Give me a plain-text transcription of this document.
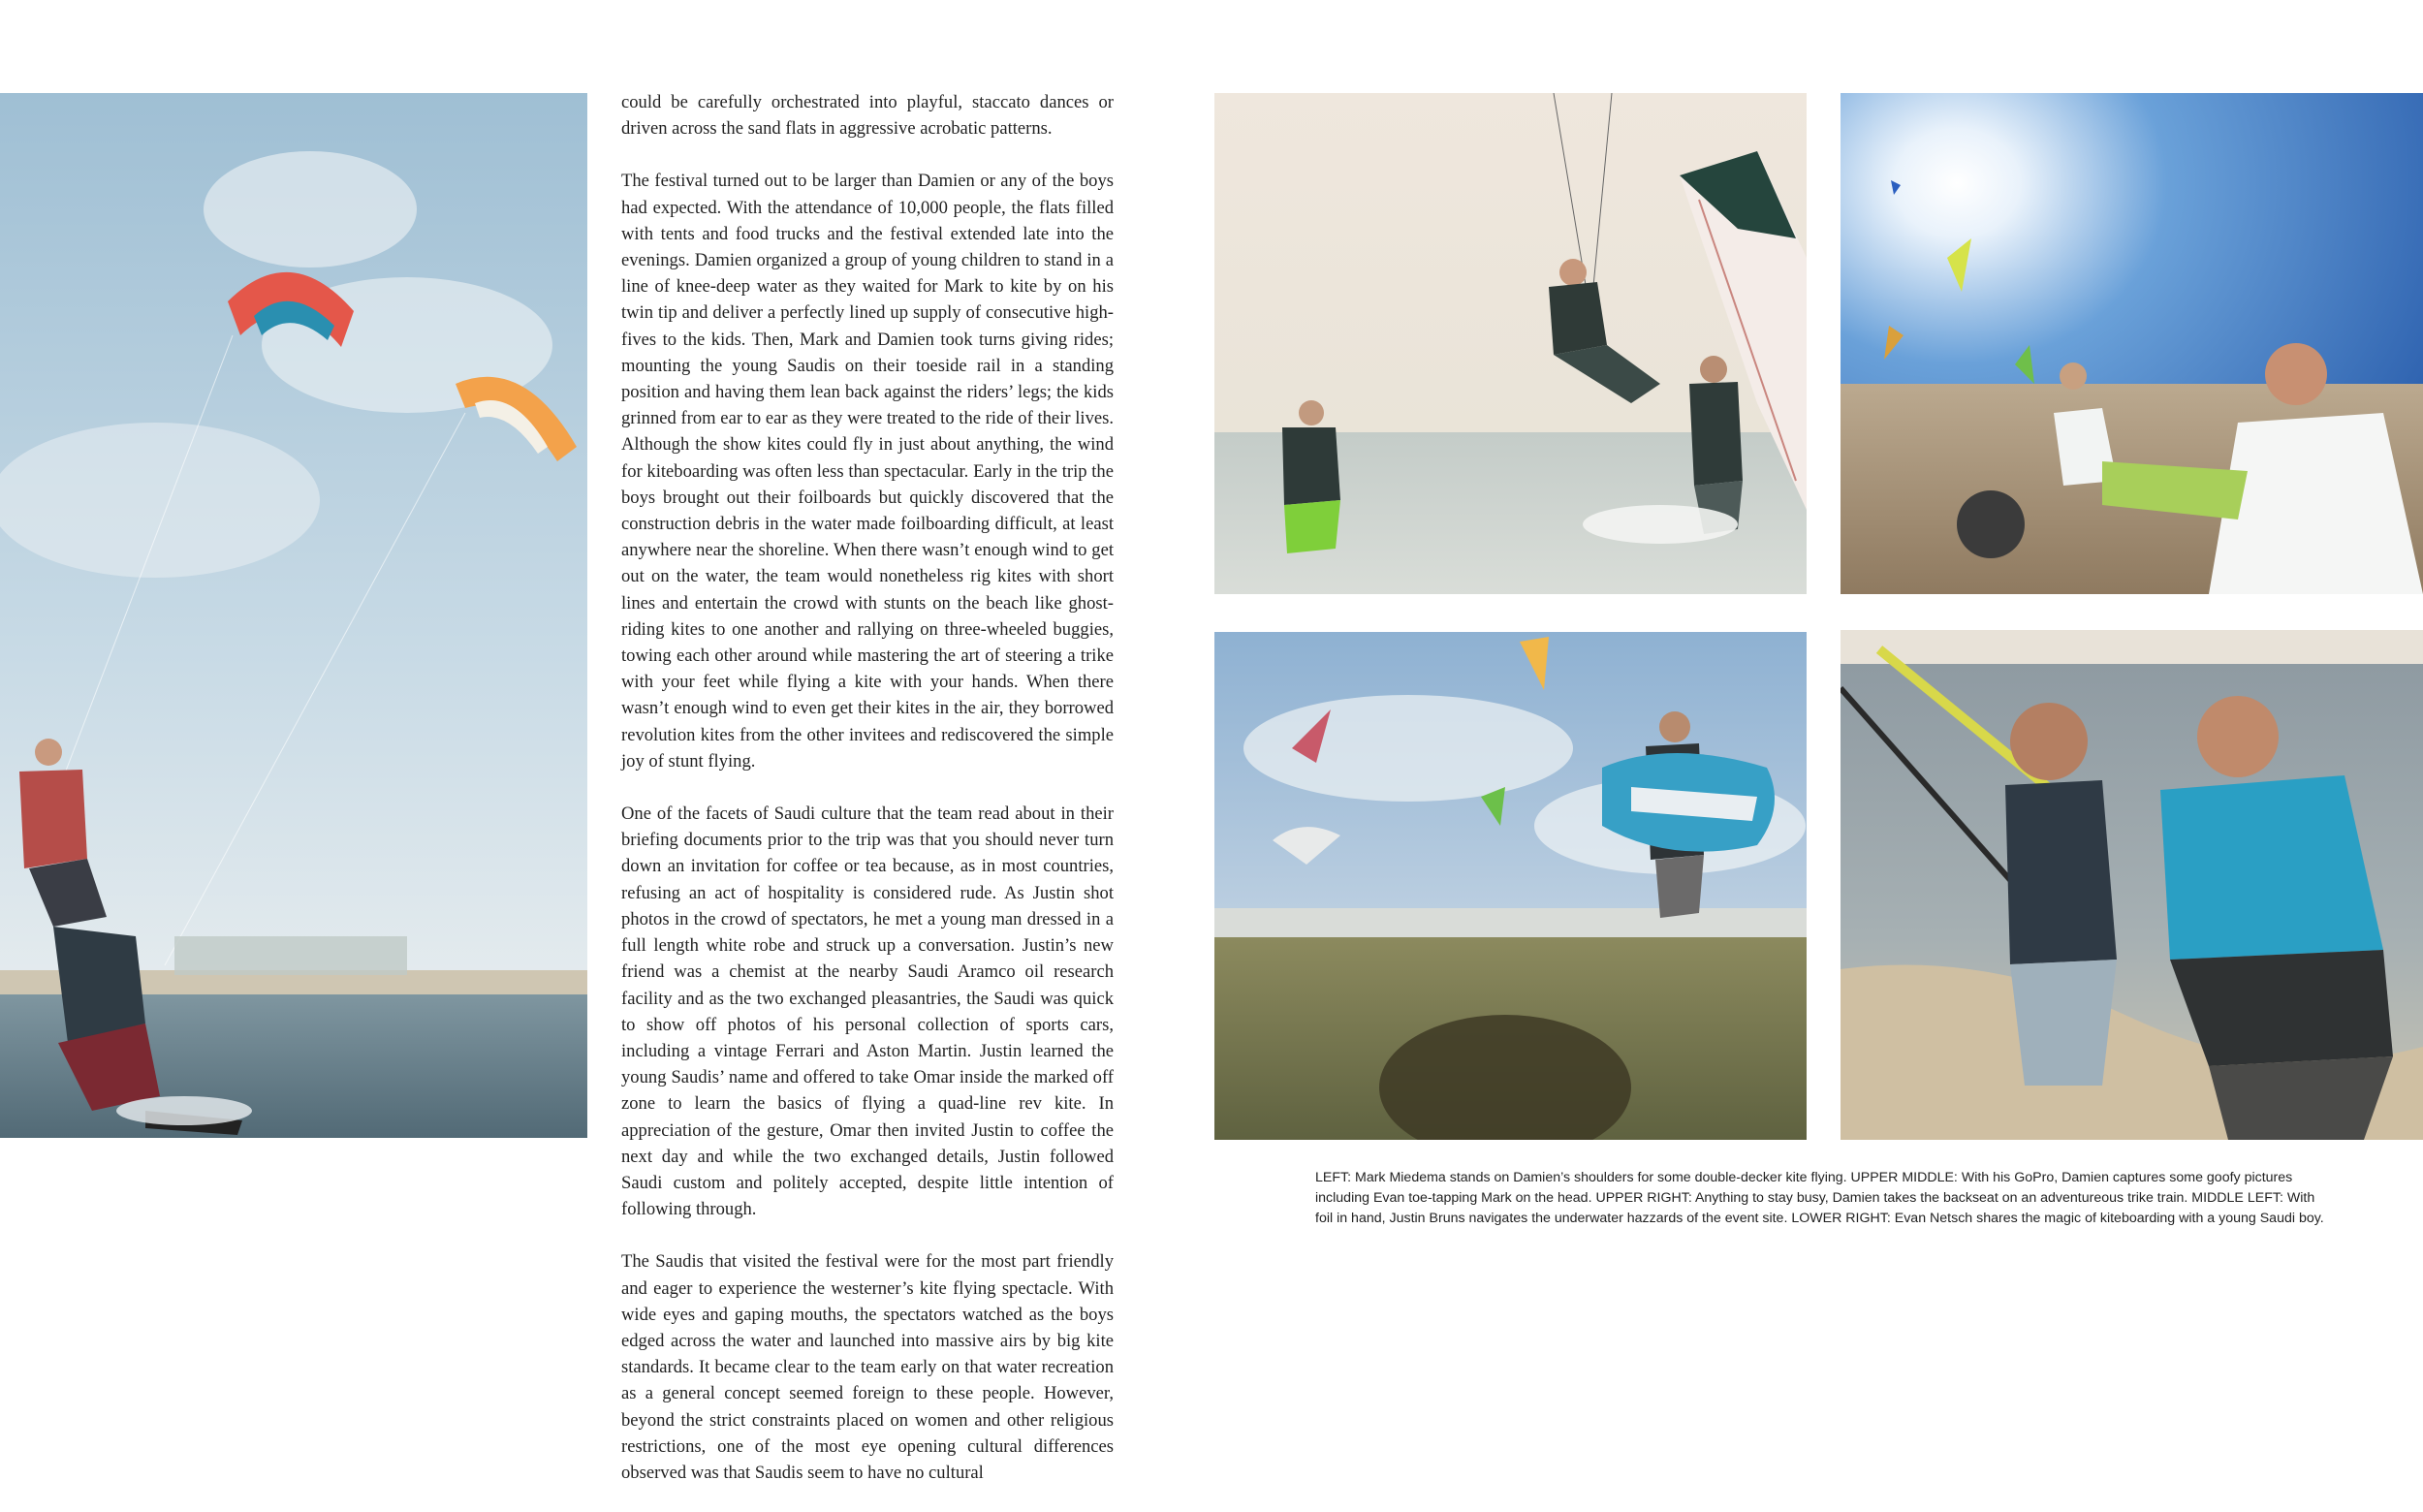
could be carefully orchestrated into playful, staccato dances or driven across the sand flats in aggressive acrobatic patterns.

The festival turned out to be larger than Damien or any of the boys had expected. With the attendance of 10,000 people, the flats filled with tents and food trucks and the festival extended late into the evenings. Damien organized a group of young children to stand in a line of knee-deep water as they waited for Mark to kite by on his twin tip and deliver a perfectly lined up supply of consecutive high-fives to the kids. Then, Mark and Damien took turns giving rides; mounting the young Saudis on their toeside rail in a standing position and having them lean back against the riders’ legs; the kids grinned from ear to ear as they were treated to the ride of their lives. Although the show kites could fly in just about anything, the wind for kiteboarding was often less than spectacular. Early in the trip the boys brought out their foilboards but quickly discovered that the construction debris in the water made foilboarding difficult, at least anywhere near the shoreline. When there wasn’t enough wind to get out on the water, the team would nonetheless rig kites with short lines and entertain the crowd with stunts on the beach like ghost-riding kites to one another and rallying on three-wheeled buggies, towing each other around while mastering the art of steering a trike with your feet while flying a kite with your hands. When there wasn’t enough wind to even get their kites in the air, they borrowed revolution kites from the other invitees and rediscovered the simple joy of stunt flying.

One of the facets of Saudi culture that the team read about in their briefing documents prior to the trip was that you should never turn down an invitation for coffee or tea because, as in most countries, refusing an act of hospitality is considered rude. As Justin shot photos in the crowd of spectators, he met a young man dressed in a full length white robe and struck up a conversation. Justin’s new friend was a chemist at the nearby Saudi Aramco oil research facility and as the two exchanged pleasantries, the Saudi was quick to show off photos of his personal collection of sports cars, including a vintage Ferrari and Aston Martin. Justin learned the young Saudis’ name and offered to take Omar inside the marked off zone to learn the basics of flying a quad-line rev kite. In appreciation of the gesture, Omar then invited Justin to coffee the next day and while the two exchanged details, Justin followed Saudi custom and politely accepted, despite little intention of following through.

The Saudis that visited the festival were for the most part friendly and eager to experience the westerner’s kite flying spectacle. With wide eyes and gaping mouths, the spectators watched as the boys edged across the water and launched into massive airs by big kite standards. It became clear to the team early on that water recreation as a general concept seemed foreign to these people. However, beyond the strict constraints placed on women and other religious restrictions, one of the most eye opening cultural differences observed was that Saudis seem to have no cultural

LEFT: Mark Miedema stands on Damien’s shoulders for some double-decker kite flying. UPPER MIDDLE: With his GoPro, Damien captures some goofy pictures including Evan toe-tapping Mark on the head. UPPER RIGHT: Anything to stay busy, Damien takes the backseat on an adventureous trike train. MIDDLE LEFT: With foil in hand, Justin Bruns navigates the underwater hazzards of the event site. LOWER RIGHT: Evan Netsch shares the magic of kiteboarding with a young Saudi boy.
